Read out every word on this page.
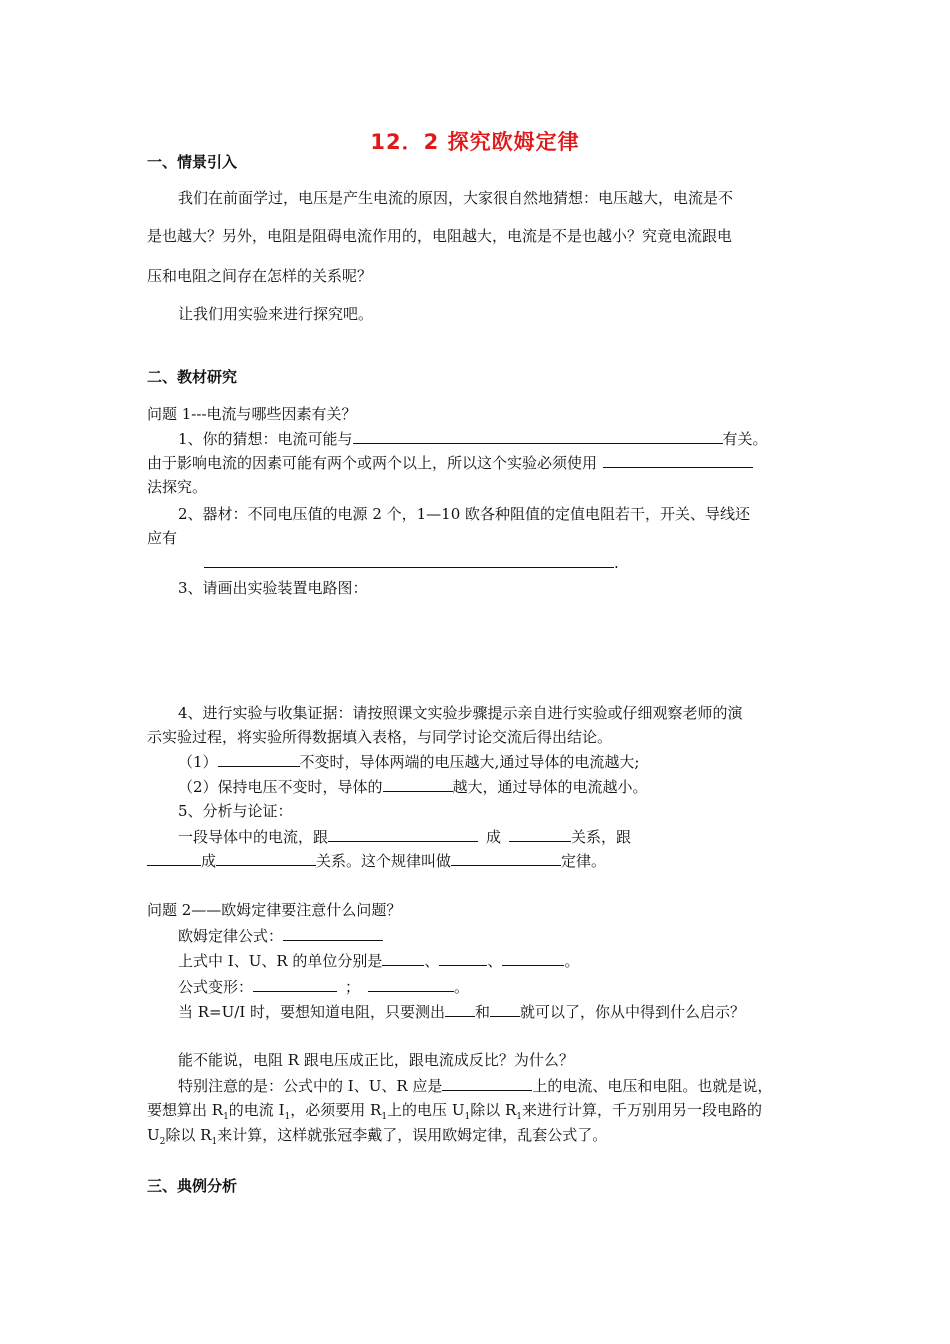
12．2 探究欧姆定律
一、情景引入
我们在前面学过，电压是产生电流的原因，大家很自然地猜想：电压越大，电流是不
是也越大？另外，电阻是阻碍电流作用的，电阻越大，电流是不是也越小？究竟电流跟电
压和电阻之间存在怎样的关系呢？
让我们用实验来进行探究吧。
二、教材研究
问题 1---电流与哪些因素有关？
1、你的猜想：电流可能与	有关。
由于影响电流的因素可能有两个或两个以上，所以这个实验必须使用
法探究。
2、器材：不同电压值的电源 2 个，1—10 欧各种阻值的定值电阻若干，开关、导线还
应有
.
3、请画出实验装置电路图：
4、进行实验与收集证据：请按照课文实验步骤提示亲自进行实验或仔细观察老师的演
示实验过程，将实验所得数据填入表格，与同学讨论交流后得出结论。
（1）	不变时，导体两端的电压越大,通过导体的电流越大;
（2）保持电压不变时，导体的	越大，通过导体的电流越小。
5、分析与论证：
一段导体中的电流，跟	成	关系，跟
成	关系。这个规律叫做	定律。
问题 2——欧姆定律要注意什么问题？
欧姆定律公式：
上式中 I、U、R 的单位分别是	、	、	。
公式变形：	；	。
当 R=U/I 时，要想知道电阻，只要测出 和 就可以了，你从中得到什么启示？
能不能说，电阻 R 跟电压成正比，跟电流成反比？为什么？
特别注意的是：公式中的 I、U、R 应是	上的电流、电压和电阻。也就是说，
要想算出 $R_1$的电流 $I_1$，必须要用 $R_1$上的电压 $U_1$除以 $R_1$来进行计算，千万别用另一段电路的
$U_2$除以 $R_1$来计算，这样就张冠李戴了，误用欧姆定律，乱套公式了。
三、典例分析
